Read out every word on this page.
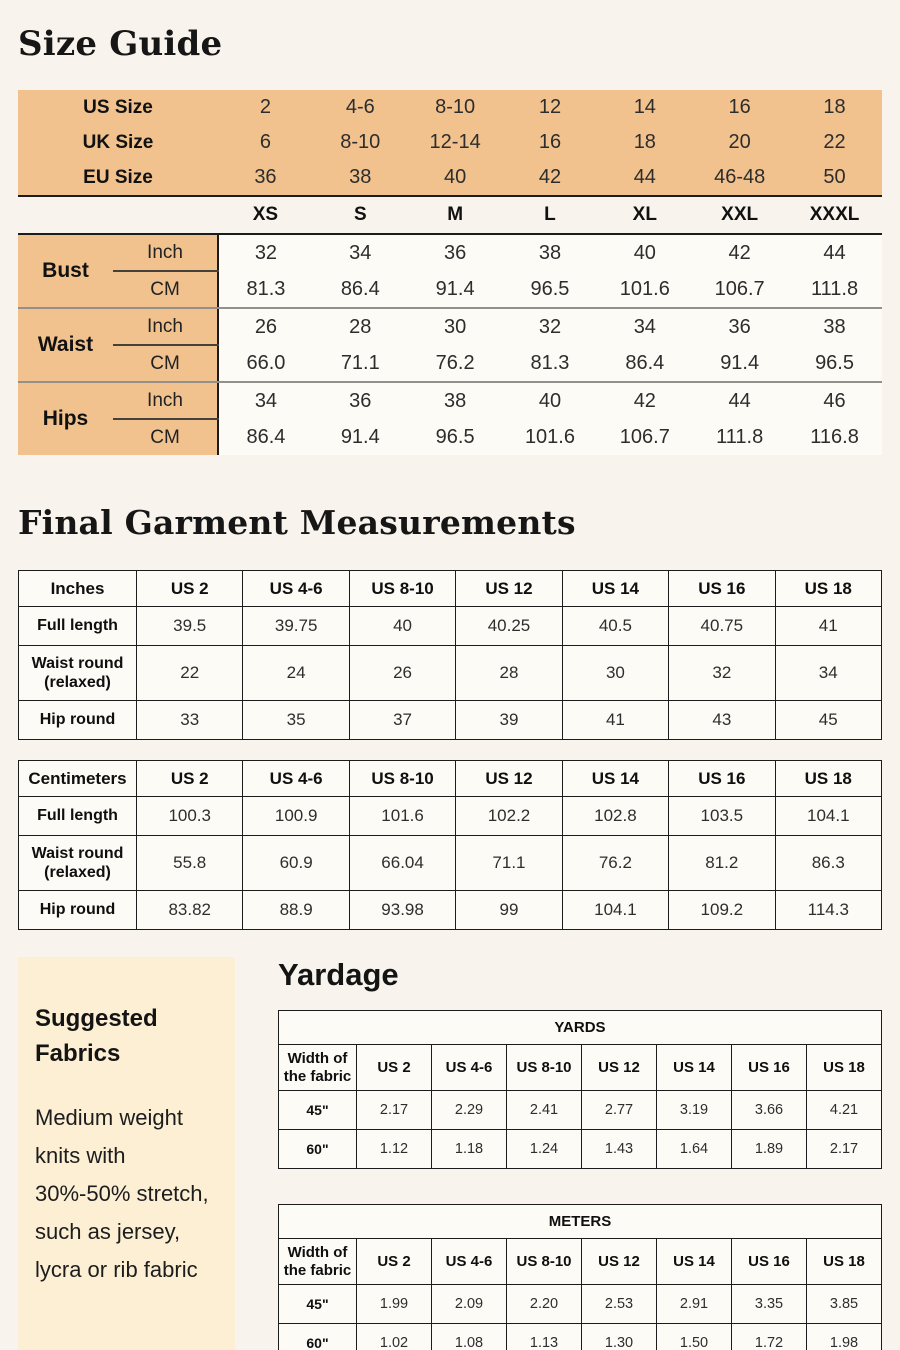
Size Guide
US Size		2	4-6	8-10	12	14	16	18
UK Size		6	8-10	12-14	16	18	20	22
EU Size		36	38	40	42	44	46-48	50
		XS	S	M	L	XL	XXL	XXXL
Bust	Inch	32	34	36	38	40	42	44
	CM	81.3	86.4	91.4	96.5	101.6	106.7	111.8
Waist	Inch	26	28	30	32	34	36	38
	CM	66.0	71.1	76.2	81.3	86.4	91.4	96.5
Hips	Inch	34	36	38	40	42	44	46
	CM	86.4	91.4	96.5	101.6	106.7	111.8	116.8
Final Garment Measurements
Inches	US 2	US 4-6	US 8-10	US 12	US 14	US 16	US 18
Full length	39.5	39.75	40	40.25	40.5	40.75	41
Waist round (relaxed)	22	24	26	28	30	32	34
Hip round	33	35	37	39	41	43	45
Centimeters	US 2	US 4-6	US 8-10	US 12	US 14	US 16	US 18
Full length	100.3	100.9	101.6	102.2	102.8	103.5	104.1
Waist round (relaxed)	55.8	60.9	66.04	71.1	76.2	81.2	86.3
Hip round	83.82	88.9	93.98	99	104.1	109.2	114.3

Suggested Fabrics

Medium weight knits with 30%-50% stretch, such as jersey, lycra or rib fabric
Yardage
YARDS							
Width of the fabric	US 2	US 4-6	US 8-10	US 12	US 14	US 16	US 18
45"	2.17	2.29	2.41	2.77	3.19	3.66	4.21
60"	1.12	1.18	1.24	1.43	1.64	1.89	2.17
METERS							
Width of the fabric	US 2	US 4-6	US 8-10	US 12	US 14	US 16	US 18
45"	1.99	2.09	2.20	2.53	2.91	3.35	3.85
60"	1.02	1.08	1.13	1.30	1.50	1.72	1.98
